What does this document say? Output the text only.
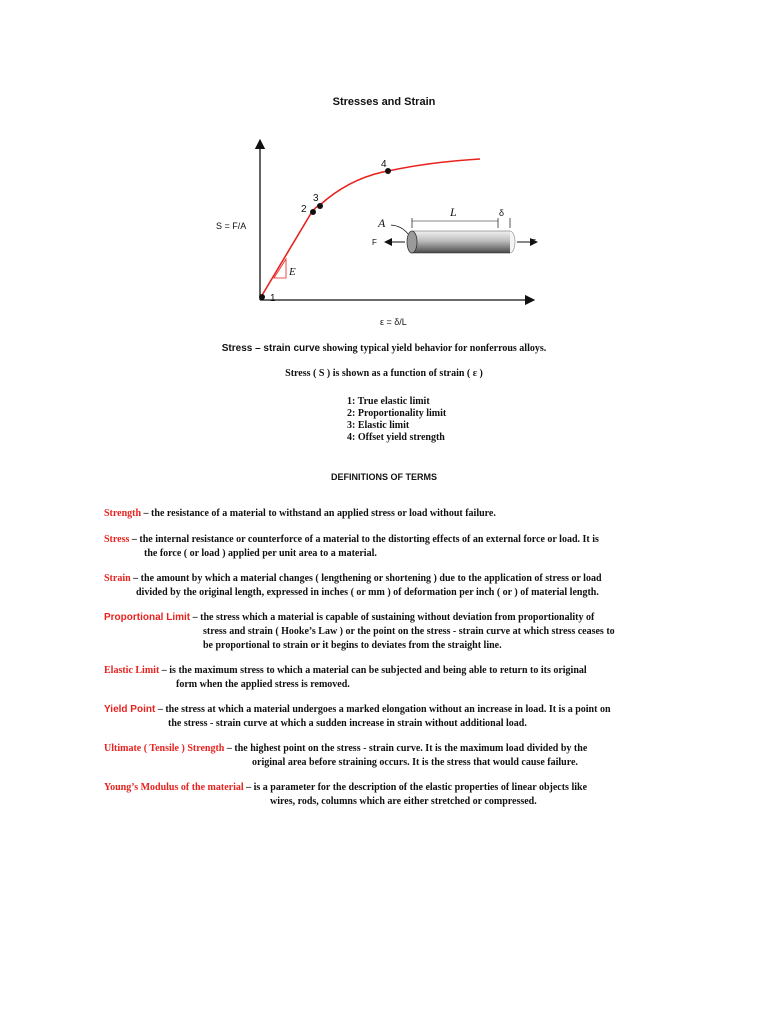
Stresses and Strain
S = F/A
ε = δ/L
E
1
2
3
4
L	δ
A
F	F
Stress – strain curve showing typical yield behavior for nonferrous alloys.
Stress ( S ) is shown as a function of strain ( ε )
1: True elastic limit
2: Proportionality limit
3: Elastic limit
4: Offset yield strength
DEFINITIONS OF TERMS
Strength – the resistance of a material to withstand an applied stress or load without failure.
Stress – the internal resistance or counterforce of a material to the distorting effects of an external force or load. It is
the force ( or load ) applied per unit area to a material.
Strain – the amount by which a material changes ( lengthening or shortening ) due to the application of stress or load
divided by the original length, expressed in inches ( or mm ) of deformation per inch ( or ) of material length.
Proportional Limit – the stress which a material is capable of sustaining without deviation from proportionality of
stress and strain ( Hooke’s Law ) or the point on the stress - strain curve at which stress ceases to
be proportional to strain or it begins to deviates from the straight line.
Elastic Limit – is the maximum stress to which a material can be subjected and being able to return to its original
form when the applied stress is removed.
Yield Point – the stress at which a material undergoes a marked elongation without an increase in load. It is a point on
the stress - strain curve at which a sudden increase in strain without additional load.
Ultimate ( Tensile ) Strength – the highest point on the stress - strain curve. It is the maximum load divided by the
original area before straining occurs. It is the stress that would cause failure.
Young’s Modulus of the material – is a parameter for the description of the elastic properties of linear objects like
wires, rods, columns which are either stretched or compressed.
